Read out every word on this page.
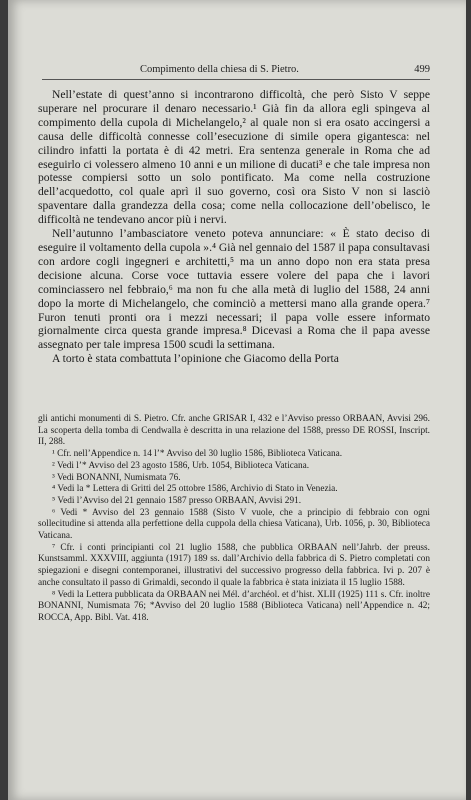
Compimento della chiesa di S. Pietro.	499

Nell’estate di quest’anno si incontrarono difficoltà, che però Sisto V seppe superare nel procurare il denaro necessario.¹ Già fin da allora egli spingeva al compimento della cupola di Michelangelo,² al quale non si era osato accingersi a causa delle difficoltà connesse coll’esecuzione di simile opera gigantesca: nel cilindro infatti la portata è di 42 metri. Era sentenza generale in Roma che ad eseguirlo ci volessero almeno 10 anni e un milione di ducati³ e che tale impresa non potesse compiersi sotto un solo pontificato. Ma come nella costruzione dell’acquedotto, col quale aprì il suo governo, così ora Sisto V non si lasciò spaventare dalla grandezza della cosa; come nella collocazione dell’obelisco, le difficoltà ne tendevano ancor più i nervi.

Nell’autunno l’ambasciatore veneto poteva annunciare: « È stato deciso di eseguire il voltamento della cupola ».⁴ Già nel gennaio del 1587 il papa consultavasi con ardore cogli ingegneri e architetti,⁵ ma un anno dopo non era stata presa decisione alcuna. Corse voce tuttavia essere volere del papa che i lavori cominciassero nel febbraio,⁶ ma non fu che alla metà di luglio del 1588, 24 anni dopo la morte di Michelangelo, che cominciò a mettersi mano alla grande opera.⁷ Furon tenuti pronti ora i mezzi necessari; il papa volle essere informato giornalmente circa questa grande impresa.⁸ Dicevasi a Roma che il papa avesse assegnato per tale impresa 1500 scudi la settimana.

A torto è stata combattuta l’opinione che Giacomo della Porta

gli antichi monumenti di S. Pietro. Cfr. anche GRISAR I, 432 e l’Avviso presso ORBAAN, Avvisi 296. La scoperta della tomba di Cendwalla è descritta in una relazione del 1588, presso DE ROSSI, Inscript. II, 288.

¹ Cfr. nell’Appendice n. 14 l’* Avviso del 30 luglio 1586, Biblioteca Vaticana.

² Vedi l’* Avviso del 23 agosto 1586, Urb. 1054, Biblioteca Vaticana.

³ Vedi BONANNI, Numismata 76.

⁴ Vedi la * Lettera di Gritti del 25 ottobre 1586, Archivio di Stato in Venezia.

⁵ Vedi l’Avviso del 21 gennaio 1587 presso ORBAAN, Avvisi 291.

⁶ Vedi * Avviso del 23 gennaio 1588 (Sisto V vuole, che a principio di febbraio con ogni sollecitudine si attenda alla perfettione della cuppola della chiesa Vaticana), Urb. 1056, p. 30, Biblioteca Vaticana.

⁷ Cfr. i conti principianti col 21 luglio 1588, che pubblica ORBAAN nell’Jahrb. der preuss. Kunstsamml. XXXVIII, aggiunta (1917) 189 ss. dall’Archivio della fabbrica di S. Pietro completati con spiegazioni e disegni contemporanei, illustrativi del successivo progresso della fabbrica. Ivi p. 207 è anche consultato il passo di Grimaldi, secondo il quale la fabbrica è stata iniziata il 15 luglio 1588.

⁸ Vedi la Lettera pubblicata da ORBAAN nei Mél. d’archéol. et d’hist. XLII (1925) 111 s. Cfr. inoltre BONANNI, Numismata 76; *Avviso del 20 luglio 1588 (Biblioteca Vaticana) nell’Appendice n. 42; ROCCA, App. Bibl. Vat. 418.
